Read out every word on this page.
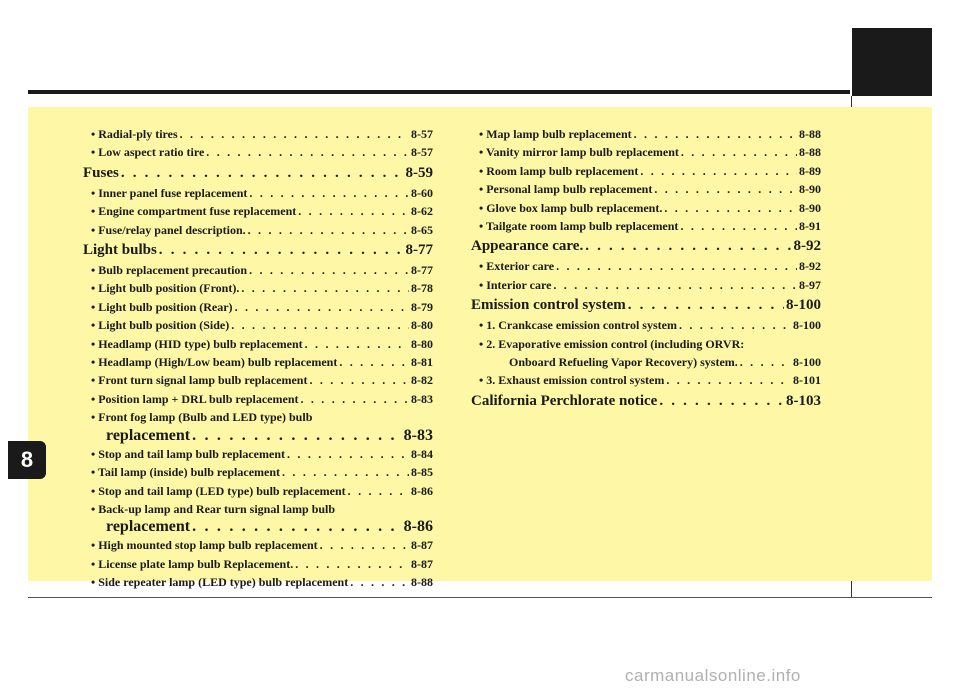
8
• Radial-ply tires . . .	8-57
• Low aspect ratio tire . . .	8-57
Fuses . . .	8-59
• Inner panel fuse replacement . . .	8-60
• Engine compartment fuse replacement . . .	8-62
• Fuse/relay panel description. . . .	8-65
Light bulbs . . .	8-77
• Bulb replacement precaution . . .	8-77
• Light bulb position (Front). . . .	8-78
• Light bulb position (Rear) . . .	8-79
• Light bulb position (Side) . . .	8-80
• Headlamp (HID type) bulb replacement . . .	8-80
• Headlamp (High/Low beam) bulb replacement . . .	8-81
• Front turn signal lamp bulb replacement . . .	8-82
• Position lamp + DRL bulb replacement . . .	8-83
• Front fog lamp (Bulb and LED type) bulb
replacement . . .	8-83
• Stop and tail lamp bulb replacement . . .	8-84
• Tail lamp (inside) bulb replacement . . .	8-85
• Stop and tail lamp (LED type) bulb replacement . . .	8-86
• Back-up lamp and Rear turn signal lamp bulb
replacement . . .	8-86
• High mounted stop lamp bulb replacement . . .	8-87
• License plate lamp bulb Replacement. . . .	8-87
• Side repeater lamp (LED type) bulb replacement . . .	8-88
• Map lamp bulb replacement . . .	8-88
• Vanity mirror lamp bulb replacement . . .	8-88
• Room lamp bulb replacement . . .	8-89
• Personal lamp bulb replacement . . .	8-90
• Glove box lamp bulb replacement. . . .	8-90
• Tailgate room lamp bulb replacement . . .	8-91
Appearance care. . . .	8-92
• Exterior care . . .	8-92
• Interior care . . .	8-97
Emission control system . . .	8-100
• 1. Crankcase emission control system . . .	8-100
• 2. Evaporative emission control (including ORVR:
Onboard Refueling Vapor Recovery) system. . . .	8-100
• 3. Exhaust emission control system . . .	8-101
California Perchlorate notice . . .	8-103
carmanualsonline.info
